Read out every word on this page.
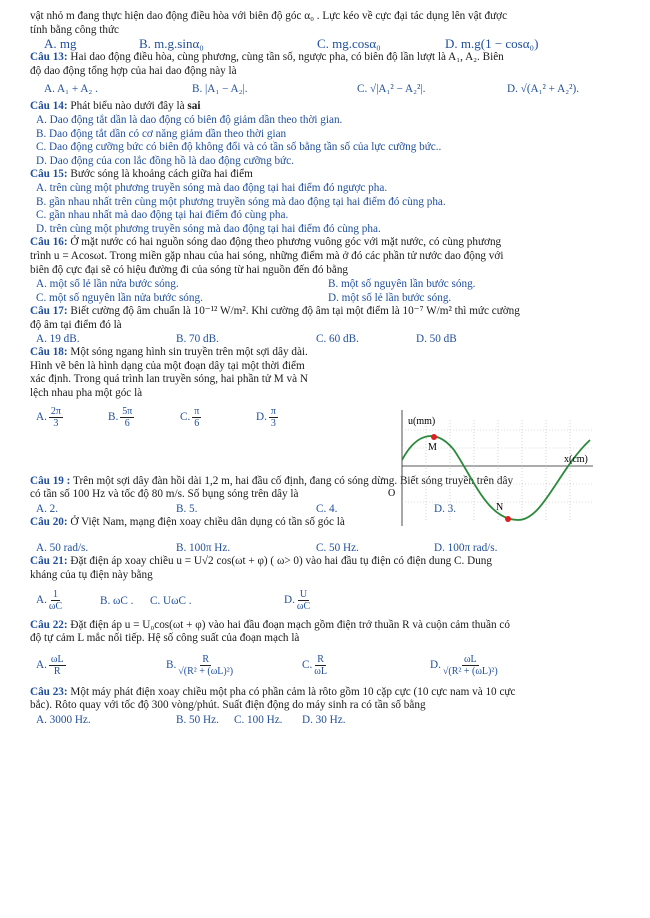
vật nhỏ m đang thực hiện dao động điều hòa với biên độ góc α₀ . Lực kéo về cực đại tác dụng lên vật được
tính bằng công thức
A. mg	B. m.g.sinα₀	C. mg.cosα₀	D. m.g(1 − cosα₀)
Câu 13: Hai dao động điều hòa, cùng phương, cùng tần số, ngược pha, có biên độ lần lượt là A₁, A₂. Biên
độ dao động tổng hợp của hai dao động này là
A. A₁ + A₂ .	B. |A₁ − A₂|.	C. √|A₁² − A₂²|.	D. √(A₁² + A₂²).
Câu 14: Phát biểu nào dưới đây là sai
A. Dao động tắt dần là dao động có biên độ giảm dần theo thời gian.
B. Dao động tắt dần có cơ năng giảm dần theo thời gian
C. Dao động cưỡng bức có biên độ không đổi và có tần số bằng tần số của lực cưỡng bức..
D. Dao động của con lắc đồng hồ là dao động cưỡng bức.
Câu 15: Bước sóng là khoảng cách giữa hai điểm
A. trên cùng một phương truyền sóng mà dao động tại hai điểm đó ngược pha.
B. gần nhau nhất trên cùng một phương truyền sóng mà dao động tại hai điểm đó cùng pha.
C. gần nhau nhất mà dao động tại hai điểm đó cùng pha.
D. trên cùng một phương truyền sóng mà dao động tại hai điểm đó cùng pha.
Câu 16: Ở mặt nước có hai nguồn sóng dao động theo phương vuông góc với mặt nước, có cùng phương
trình u = Acosωt. Trong miền gặp nhau của hai sóng, những điểm mà ở đó các phần tử nước dao động với
biên độ cực đại sẽ có hiệu đường đi của sóng từ hai nguồn đến đó bằng
A. một số lẻ lần nửa bước sóng.	B. một số nguyên lần bước sóng.
C. một số nguyên lần nửa bước sóng.	D. một số lẻ lần bước sóng.
Câu 17: Biết cường độ âm chuẩn là 10⁻¹² W/m². Khi cường độ âm tại một điểm là 10⁻⁷ W/m² thì mức cường
độ âm tại điểm đó là
A. 19 dB.	B. 70 dB.	C. 60 dB.	D. 50 dB
Câu 18: Một sóng ngang hình sin truyền trên một sợi dây dài.
Hình vẽ bên là hình dạng của một đoạn dây tại một thời điểm
xác định. Trong quá trình lan truyền sóng, hai phần tử M và N
lệch nhau pha một góc là
A. $\frac{2\pi}{3}$	B. $\frac{5\pi}{6}$	C. $\frac{\pi}{6}$	D. $\frac{\pi}{3}$
Câu 19 : Trên một sợi dây đàn hồi dài 1,2 m, hai đầu cố định, đang có sóng dừng. Biết sóng truyền trên dây
có tần số 100 Hz và tốc độ 80 m/s. Số bụng sóng trên dây là
A. 2.	B. 5.	C. 4.	D. 3.
Câu 20: Ở Việt Nam, mạng điện xoay chiều dân dụng có tần số góc là
A. 50 rad/s.	B. 100π Hz.	C. 50 Hz.	D. 100π rad/s.
Câu 21: Đặt điện áp xoay chiều u = U√2 cos(ωt + φ) ( ω> 0) vào hai đầu tụ điện có điện dung C. Dung
kháng của tụ điện này bằng
A. $\frac{1}{\omega C}$	B. ωC .	C. UωC .	D. $\frac{U}{\omega C}$
Câu 22: Đặt điện áp u = U₀cos(ωt + φ) vào hai đầu đoạn mạch gồm điện trở thuần R và cuộn cảm thuần có
độ tự cảm L mắc nối tiếp. Hệ số công suất của đoạn mạch là
A. $\frac{\omega L}{R}$	B. $\frac{R}{\text{√(R² + (ωL)²)}}$	C. $\frac{R}{\omega L}$	D. $\frac{\omega L}{\text{√(R² + (ωL)²)}}$
Câu 23: Một máy phát điện xoay chiều một pha có phần cảm là rôto gồm 10 cặp cực (10 cực nam và 10 cực
bắc). Rôto quay với tốc độ 300 vòng/phút. Suất điện động do máy sinh ra có tần số bằng
A. 3000 Hz.	B. 50 Hz.	C. 100 Hz.	D. 30 Hz.
u(mm)
x(cm)
O
M
N
